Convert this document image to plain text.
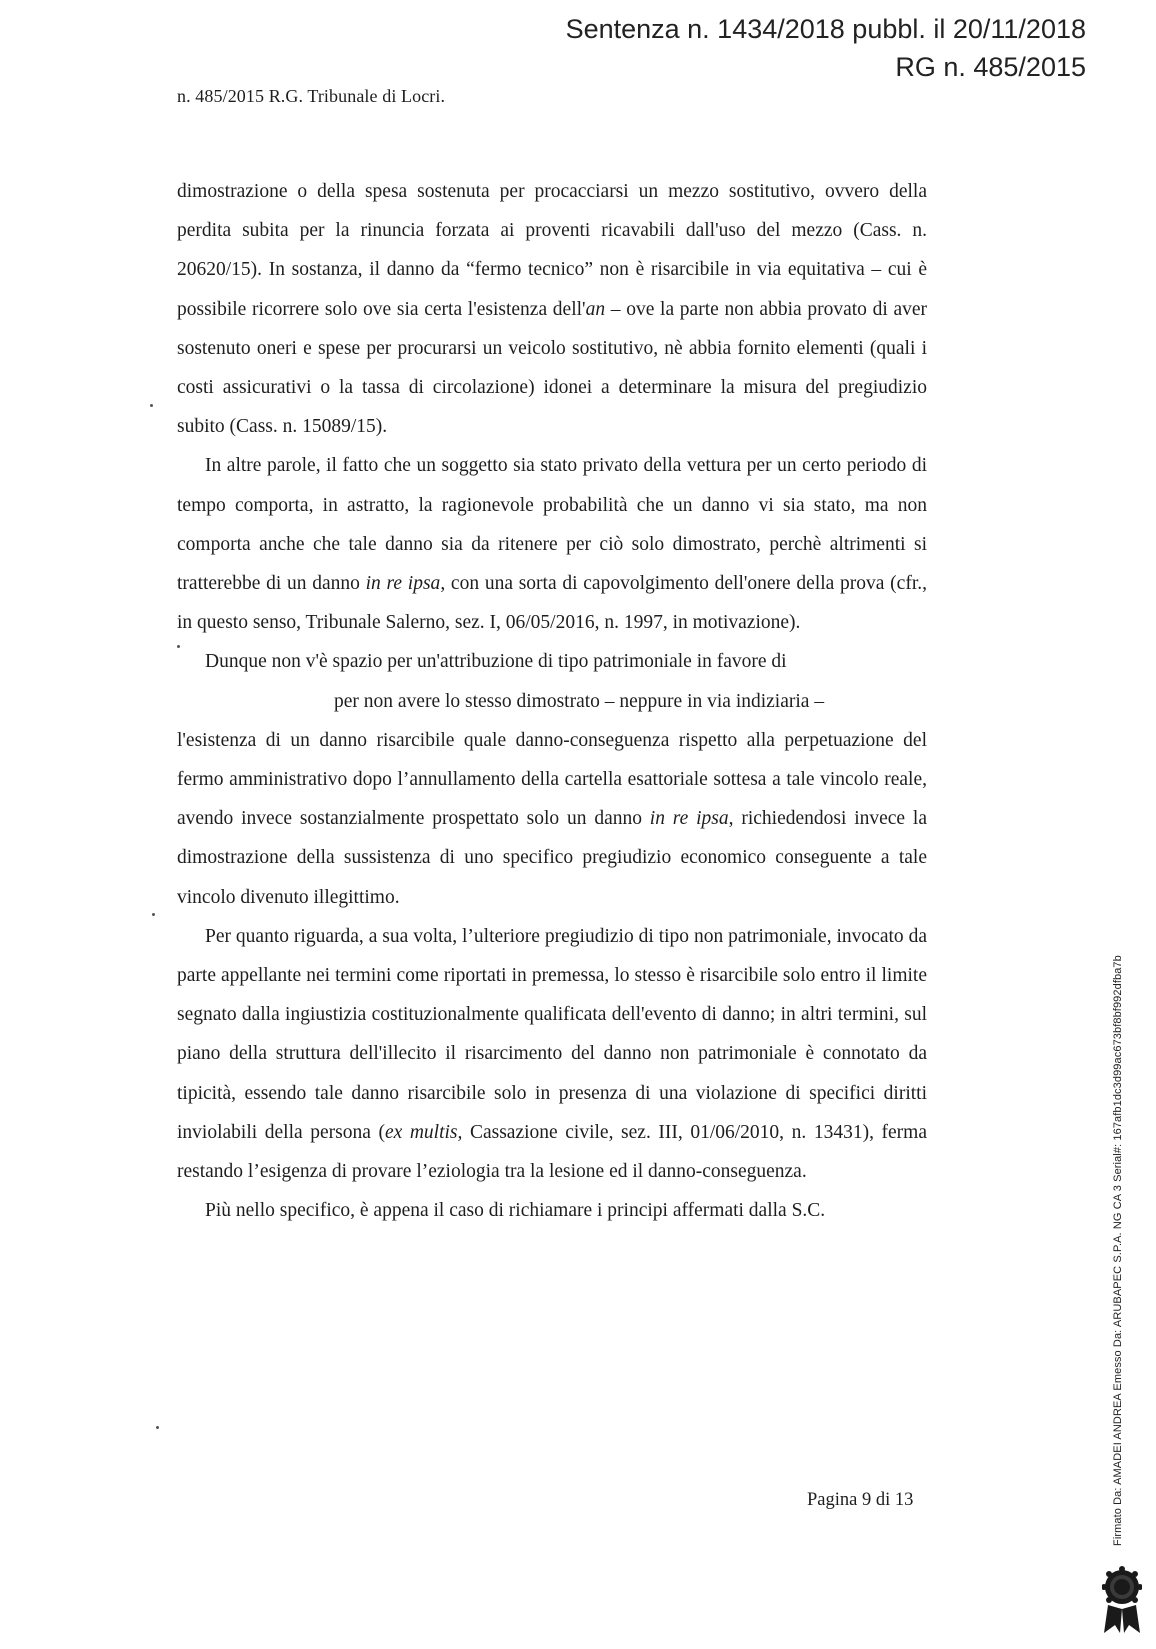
Sentenza n. 1434/2018 pubbl. il 20/11/2018
RG n. 485/2015
n. 485/2015 R.G. Tribunale di Locri.

dimostrazione o della spesa sostenuta per procacciarsi un mezzo sostitutivo, ovvero della perdita subita per la rinuncia forzata ai proventi ricavabili dall'uso del mezzo (Cass. n. 20620/15). In sostanza, il danno da “fermo tecnico” non è risarcibile in via equitativa – cui è possibile ricorrere solo ove sia certa l'esistenza dell'an – ove la parte non abbia provato di aver sostenuto oneri e spese per procurarsi un veicolo sostitutivo, nè abbia fornito elementi (quali i costi assicurativi o la tassa di circolazione) idonei a determinare la misura del pregiudizio subito (Cass. n. 15089/15).

In altre parole, il fatto che un soggetto sia stato privato della vettura per un certo periodo di tempo comporta, in astratto, la ragionevole probabilità che un danno vi sia stato, ma non comporta anche che tale danno sia da ritenere per ciò solo dimostrato, perchè altrimenti si tratterebbe di un danno in re ipsa, con una sorta di capovolgimento dell'onere della prova (cfr., in questo senso, Tribunale Salerno, sez. I, 06/05/2016, n. 1997, in motivazione).

Dunque non v'è spazio per un'attribuzione di tipo patrimoniale in favore di

per non avere lo stesso dimostrato – neppure in via indiziaria –

l'esistenza di un danno risarcibile quale danno-conseguenza rispetto alla perpetuazione del fermo amministrativo dopo l’annullamento della cartella esattoriale sottesa a tale vincolo reale, avendo invece sostanzialmente prospettato solo un danno in re ipsa, richiedendosi invece la dimostrazione della sussistenza di uno specifico pregiudizio economico conseguente a tale vincolo divenuto illegittimo.

Per quanto riguarda, a sua volta, l’ulteriore pregiudizio di tipo non patrimoniale, invocato da parte appellante nei termini come riportati in premessa, lo stesso è risarcibile solo entro il limite segnato dalla ingiustizia costituzionalmente qualificata dell'evento di danno; in altri termini, sul piano della struttura dell'illecito il risarcimento del danno non patrimoniale è connotato da tipicità, essendo tale danno risarcibile solo in presenza di una violazione di specifici diritti inviolabili della persona (ex multis, Cassazione civile, sez. III, 01/06/2010, n. 13431), ferma restando l’esigenza di provare l’eziologia tra la lesione ed il danno-conseguenza.

Più nello specifico, è appena il caso di richiamare i principi affermati dalla S.C.

Pagina 9 di 13	Firmato Da: AMADEI ANDREA Emesso Da: ARUBAPEC S.P.A. NG CA 3 Serial#: 167afb1dc3d99ac673bf8bf992dfba7b
